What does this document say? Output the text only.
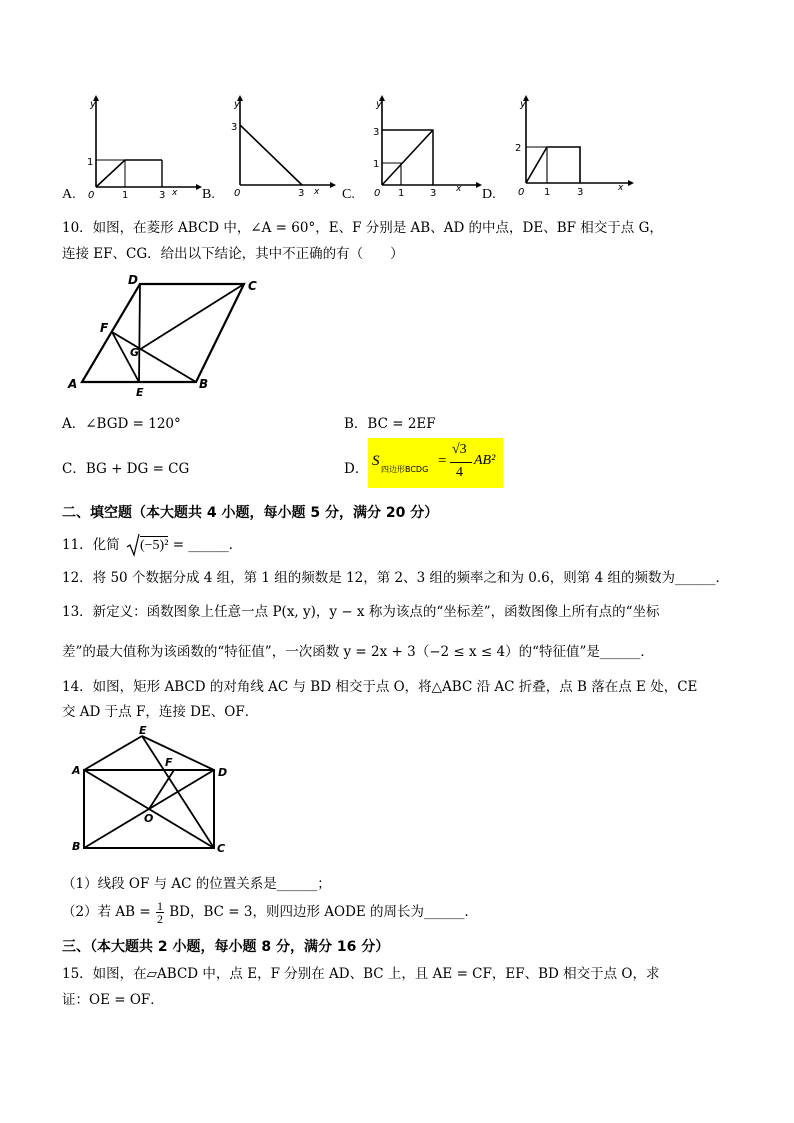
A.
y
0	1	3 x
1
B.
y
0	3 x
3
C.
y
0 1	3 x
1
3
D.
y
0 1	3	x
2
10．如图，在菱形 ABCD 中，∠A = 60°，E、F 分别是 AB、AD 的中点，DE、BF 相交于点 G，
连接 EF、CG．给出以下结论，其中不正确的有（　　）
A	B
C
D
E
F
G
A．∠BGD = 120°	B．BC = 2EF
C．BG + DG = CG	D． S
四边形BCDG
=
√3
4
AB²
二、填空题（本大题共 4 小题，每小题 5 分，满分 20 分）
11．化简 (−5)² = ______．
12．将 50 个数据分成 4 组，第 1 组的频数是 12，第 2、3 组的频率之和为 0.6，则第 4 组的频数为______．
13．新定义：函数图象上任意一点 P(x, y)，y − x 称为该点的“坐标差”，函数图像上所有点的“坐标
差”的最大值称为该函数的“特征值”，一次函数 y = 2x + 3（−2 ≤ x ≤ 4）的“特征值”是______．
14．如图，矩形 ABCD 的对角线 AC 与 BD 相交于点 O，将△ABC 沿 AC 折叠，点 B 落在点 E 处，CE
交 AD 于点 F，连接 DE、OF．
A	D
B	C
E
F
O
（1）线段 OF 与 AC 的位置关系是______；
（2）若 AB = $\frac{1}{2}$ BD，BC = 3，则四边形 AODE 的周长为______．
三、（本大题共 2 小题，每小题 8 分，满分 16 分）
15．如图，在▱ABCD 中，点 E，F 分别在 AD、BC 上，且 AE = CF，EF、BD 相交于点 O，求
证：OE = OF．
